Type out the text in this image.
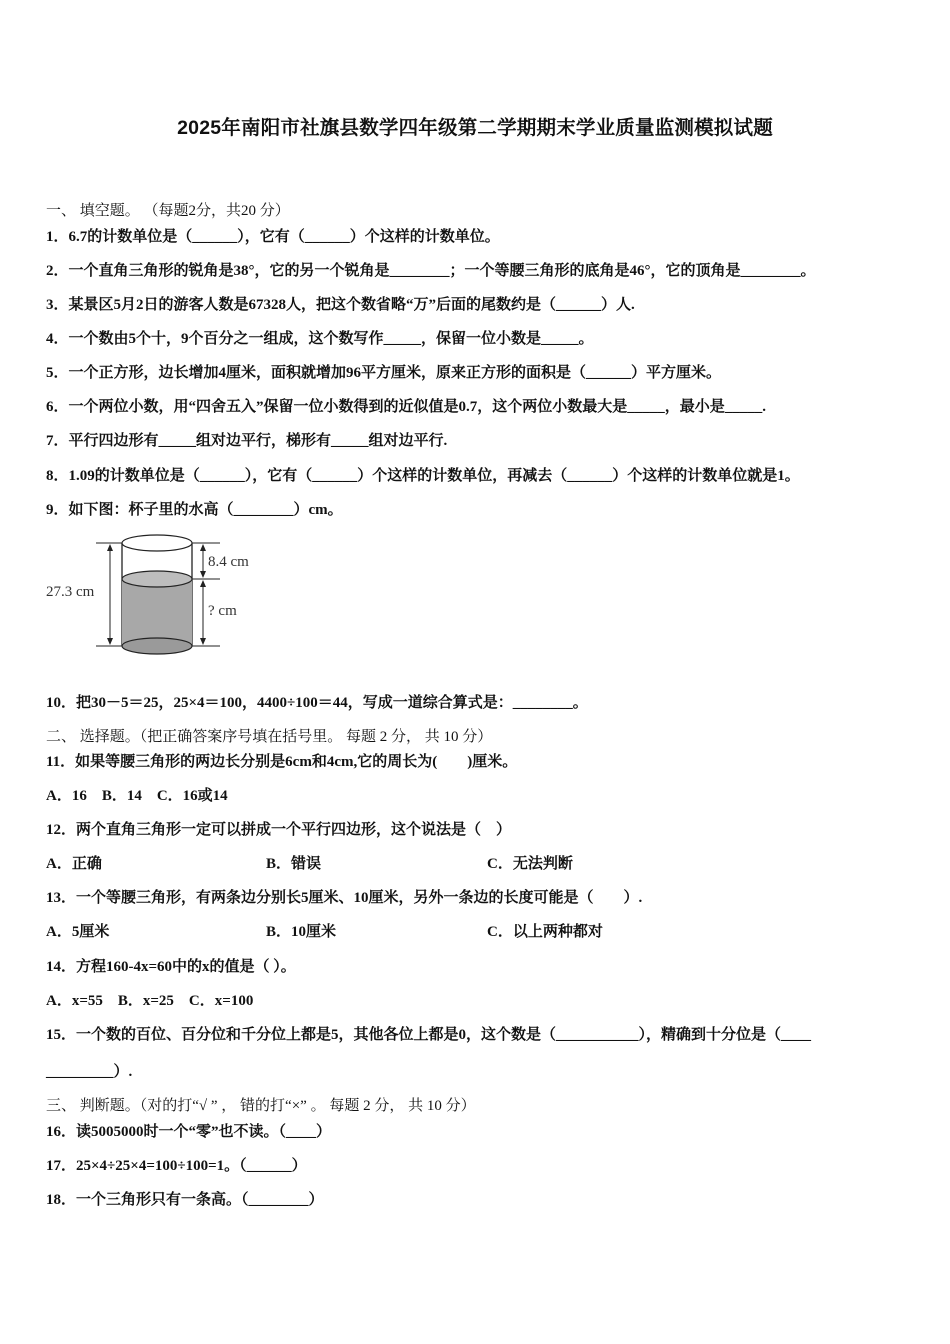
2025年南阳市社旗县数学四年级第二学期期末学业质量监测模拟试题
一、 填空题。 （每题2分，共20 分）
1．6.7的计数单位是（______），它有（______）个这样的计数单位。
2．一个直角三角形的锐角是38°，它的另一个锐角是________；一个等腰三角形的底角是46°，它的顶角是________。
3．某景区5月2日的游客人数是67328人，把这个数省略“万”后面的尾数约是（______）人.
4．一个数由5个十，9个百分之一组成，这个数写作_____，保留一位小数是_____。
5．一个正方形，边长增加4厘米，面积就增加96平方厘米，原来正方形的面积是（______）平方厘米。
6．一个两位小数，用“四舍五入”保留一位小数得到的近似值是0.7，这个两位小数最大是_____，最小是_____.
7．平行四边形有_____组对边平行，梯形有_____组对边平行.
8．1.09的计数单位是（______），它有（______）个这样的计数单位，再减去（______）个这样的计数单位就是1。
9．如下图：杯子里的水高（________）cm。
27.3 cm
8.4 cm
? cm
10．把30－5＝25，25×4＝100，4400÷100＝44，写成一道综合算式是：________。
二、 选择题。（把正确答案序号填在括号里。 每题 2 分， 共 10 分）
11．如果等腰三角形的两边长分别是6cm和4cm,它的周长为(　　)厘米。
A．16　B．14　C．16或14
12．两个直角三角形一定可以拼成一个平行四边形，这个说法是（　）
A．正确	B．错误	C．无法判断
13．一个等腰三角形，有两条边分别长5厘米、10厘米，另外一条边的长度可能是（　　）.
A．5厘米	B．10厘米	C．以上两种都对
14．方程160-4x=60中的x的值是（ ）。
A．x=55　B．x=25　C．x=100
15．一个数的百位、百分位和千分位上都是5，其他各位上都是0，这个数是（___________），精确到十分位是（____
_________）.
三、 判断题。（对的打“√ ” ， 错的打“×” 。 每题 2 分， 共 10 分）
16．读5005000时一个“零”也不读。（____）
17．25×4÷25×4=100÷100=1。（______）
18．一个三角形只有一条高。（________）
